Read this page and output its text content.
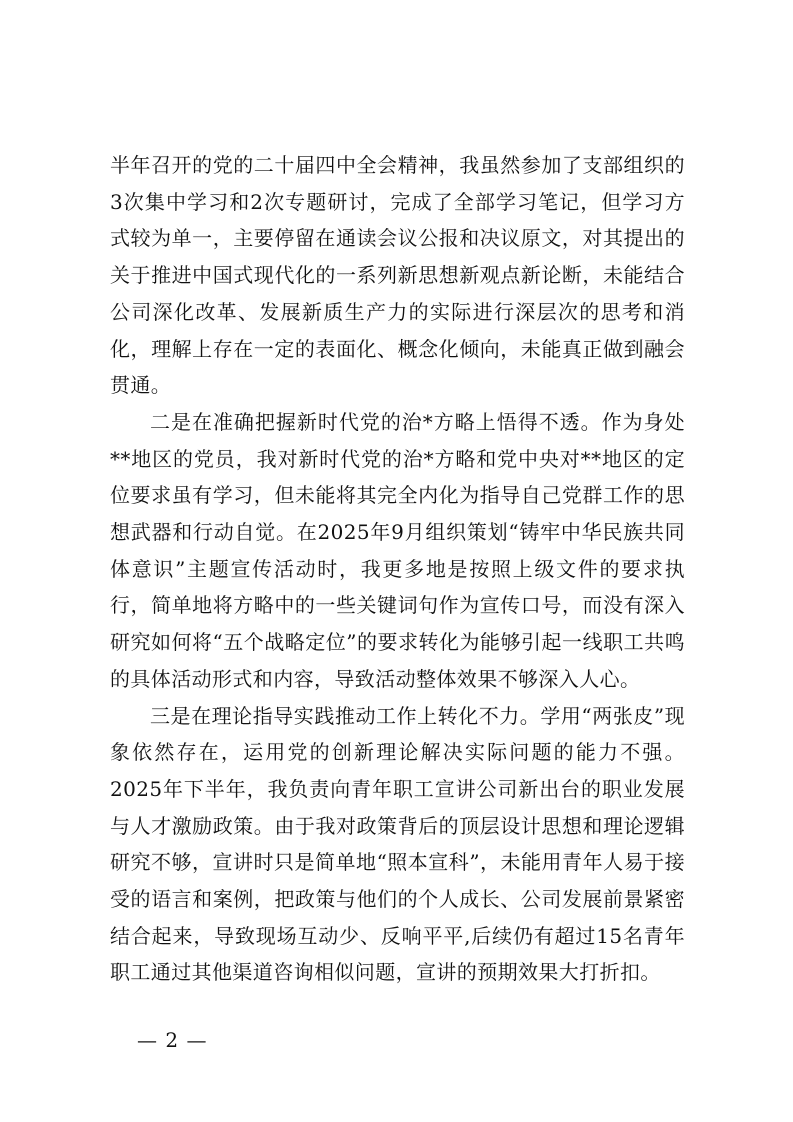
半年召开的党的二十届四中全会精神，我虽然参加了支部组织的3次集中学习和2次专题研讨，完成了全部学习笔记，但学习方式较为单一，主要停留在通读会议公报和决议原文，对其提出的关于推进中国式现代化的一系列新思想新观点新论断，未能结合公司深化改革、发展新质生产力的实际进行深层次的思考和消化，理解上存在一定的表面化、概念化倾向，未能真正做到融会贯通。

二是在准确把握新时代党的治*方略上悟得不透。作为身处**地区的党员，我对新时代党的治*方略和党中央对**地区的定位要求虽有学习，但未能将其完全内化为指导自己党群工作的思想武器和行动自觉。在2025年9月组织策划“铸牢中华民族共同体意识”主题宣传活动时，我更多地是按照上级文件的要求执行，简单地将方略中的一些关键词句作为宣传口号，而没有深入研究如何将“五个战略定位”的要求转化为能够引起一线职工共鸣的具体活动形式和内容，导致活动整体效果不够深入人心。

三是在理论指导实践推动工作上转化不力。学用“两张皮”现象依然存在，运用党的创新理论解决实际问题的能力不强。2025年下半年，我负责向青年职工宣讲公司新出台的职业发展与人才激励政策。由于我对政策背后的顶层设计思想和理论逻辑研究不够，宣讲时只是简单地“照本宣科”，未能用青年人易于接受的语言和案例，把政策与他们的个人成长、公司发展前景紧密结合起来，导致现场互动少、反响平平,后续仍有超过15名青年职工通过其他渠道咨询相似问题，宣讲的预期效果大打折扣。

— 2 —
